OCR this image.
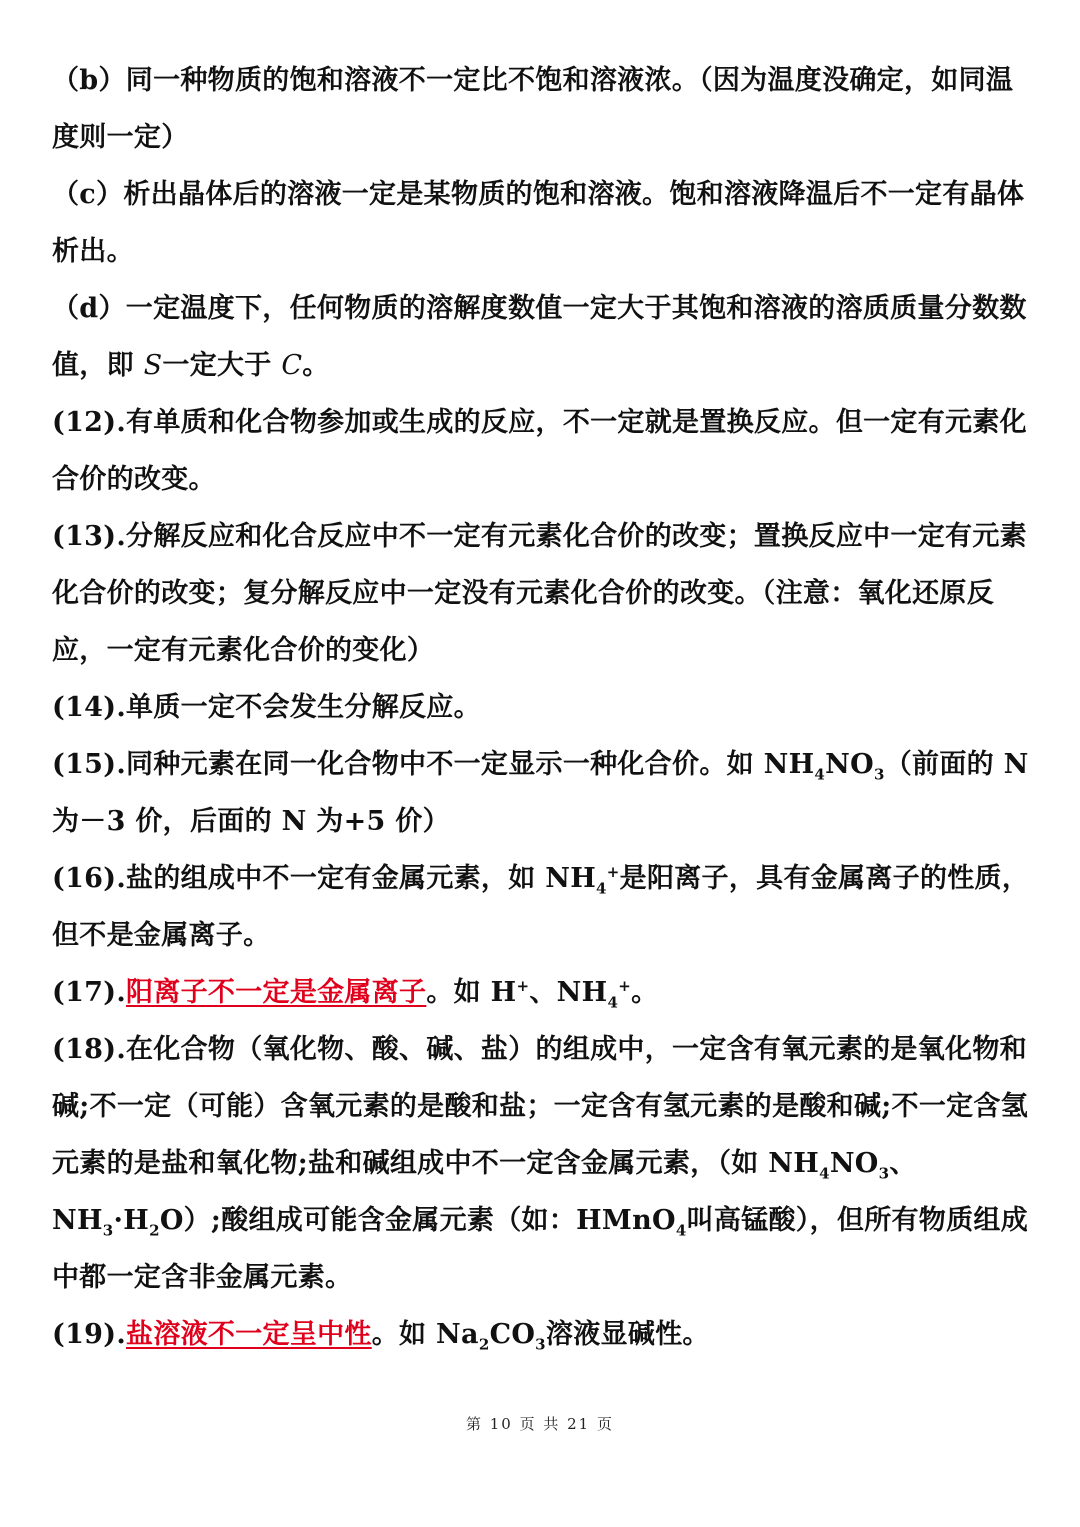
（b）同一种物质的饱和溶液不一定比不饱和溶液浓。（因为温度没确定，如同温度则一定）

（c）析出晶体后的溶液一定是某物质的饱和溶液。饱和溶液降温后不一定有晶体析出。

（d）一定温度下，任何物质的溶解度数值一定大于其饱和溶液的溶质质量分数数值，即 S一定大于 C。

(12).有单质和化合物参加或生成的反应，不一定就是置换反应。但一定有元素化合价的改变。

(13).分解反应和化合反应中不一定有元素化合价的改变；置换反应中一定有元素化合价的改变；复分解反应中一定没有元素化合价的改变。（注意：氧化还原反应，一定有元素化合价的变化）

(14).单质一定不会发生分解反应。

(15).同种元素在同一化合物中不一定显示一种化合价。如 $NH_4NO_3$（前面的 N 为－3 价，后面的 N 为+5 价）

(16).盐的组成中不一定有金属元素，如 $NH_4^+$是阳离子，具有金属离子的性质，但不是金属离子。

(17).阳离子不一定是金属离子。如 H+、$NH_4^+$。

(18).在化合物（氧化物、酸、碱、盐）的组成中，一定含有氧元素的是氧化物和碱;不一定（可能）含氧元素的是酸和盐；一定含有氢元素的是酸和碱;不一定含氢元素的是盐和氧化物;盐和碱组成中不一定含金属元素，（如 $NH_4NO_3$、$NH_3\cdot H_2O$）;酸组成可能含金属元素（如：HMnO$_4$叫高锰酸），但所有物质组成中都一定含非金属元素。

(19).盐溶液不一定呈中性。如 $Na_2CO_3$溶液显碱性。

第 10 页 共 21 页
